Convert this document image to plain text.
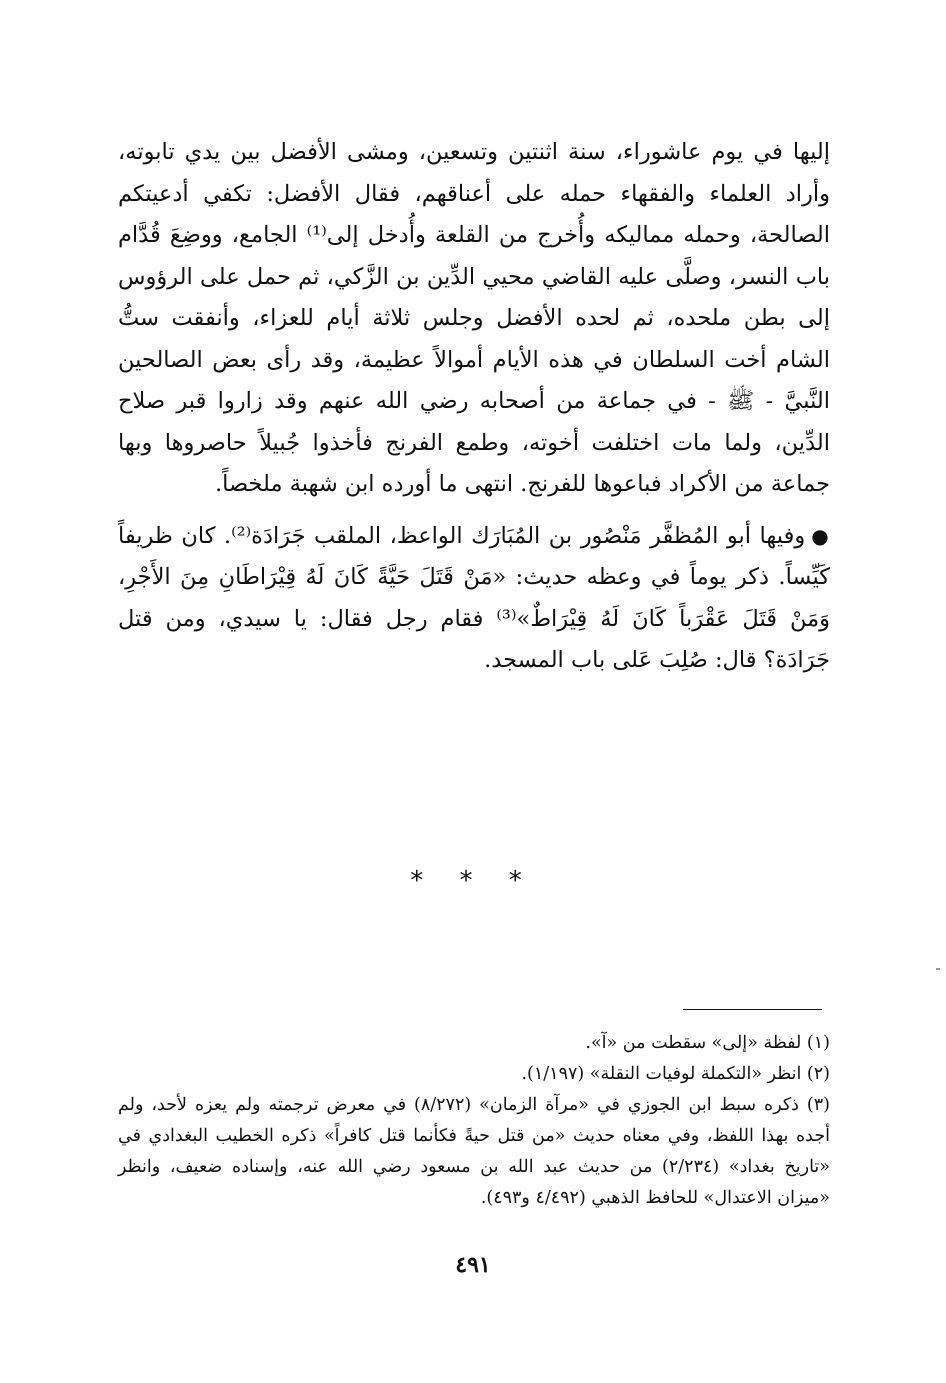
إليها في يوم عاشوراء، سنة اثنتين وتسعين، ومشى الأفضل بين يدي تابوته، وأراد العلماء والفقهاء حمله على أعناقهم، فقال الأفضل: تكفي أدعيتكم الصالحة، وحمله مماليكه وأُخرج من القلعة وأُدخل إلى⁽¹⁾ الجامع، ووضِعَ قُدَّام باب النسر، وصلَّى عليه القاضي محيي الدِّين بن الزَّكي، ثم حمل على الرؤوس إلى بطن ملحده، ثم لحده الأفضل وجلس ثلاثة أيام للعزاء، وأنفقت ستُّ الشام أخت السلطان في هذه الأيام أموالاً عظيمة، وقد رأى بعض الصالحين النَّبيَّ - ﷺ - في جماعة من أصحابه رضي الله عنهم وقد زاروا قبر صلاح الدِّين، ولما مات اختلفت أخوته، وطمع الفرنج فأخذوا جُبيلاً حاصروها وبها جماعة من الأكراد فباعوها للفرنج. انتهى ما أورده ابن شهبة ملخصاً.

●وفيها أبو المُظفَّر مَنْصُور بن المُبَارَك الواعظ، الملقب جَرَادَة⁽²⁾. كان ظريفاً كَيِّساً. ذكر يوماً في وعظه حديث: «مَنْ قَتَلَ حَيَّةً كَانَ لَهُ قِيْرَاطَانِ مِنَ الأَجْرِ، وَمَنْ قَتَلَ عَقْرَباً كَانَ لَهُ قِيْرَاطٌ»⁽³⁾ فقام رجل فقال: يا سيدي، ومن قتل جَرَادَة؟ قال: صُلِبَ عَلى باب المسجد.

* * *

(١) لفظة «إلى» سقطت من «آ».

(٢) انظر «التكملة لوفيات النقلة» (١/١٩٧).

(٣) ذكره سبط ابن الجوزي في «مرآة الزمان» (٨/٢٧٢) في معرض ترجمته ولم يعزه لأحد، ولم أجده بهذا اللفظ، وفي معناه حديث «من قتل حيةً فكأنما قتل كافراً» ذكره الخطيب البغدادي في «تاريخ بغداد» (٢/٢٣٤) من حديث عبد الله بن مسعود رضي الله عنه، وإسناده ضعيف، وانظر «ميزان الاعتدال» للحافظ الذهبي (٤/٤٩٢ و٤٩٣).

٤٩١
